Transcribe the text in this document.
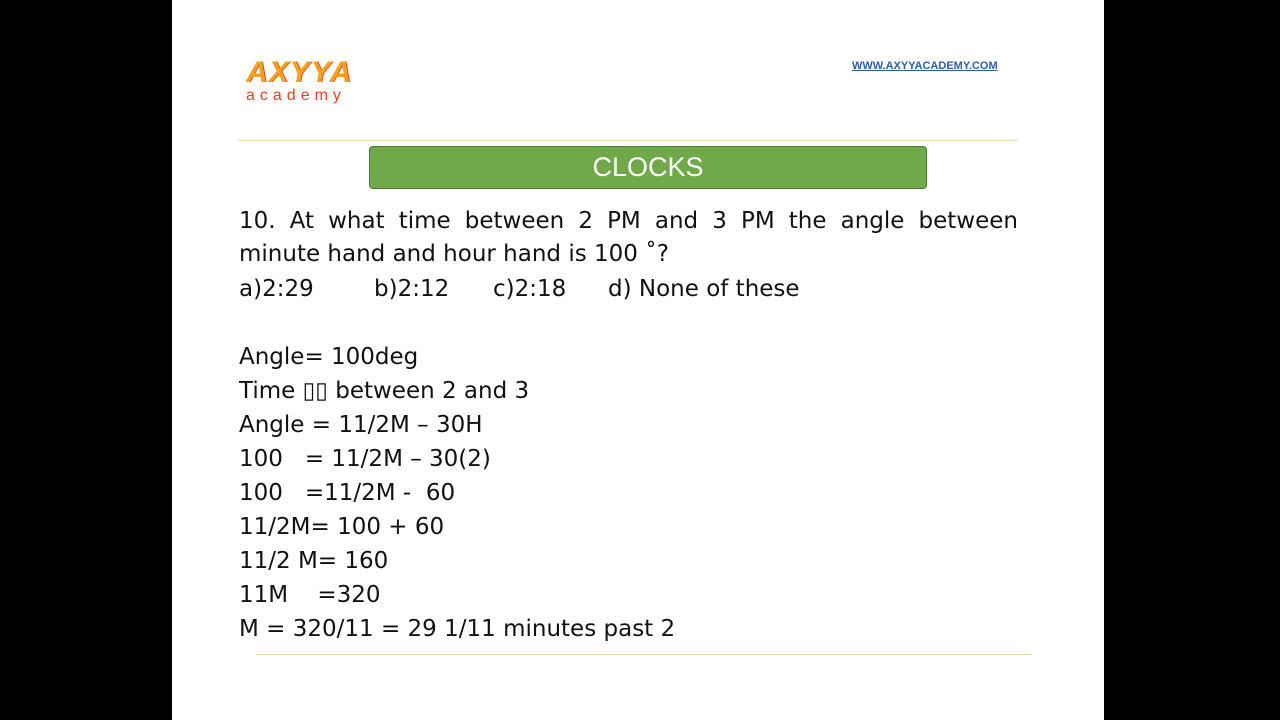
AXYYA
academy
WWW.AXYYACADEMY.COM
CLOCKS
10. At what time between 2 PM and 3 PM the angle between minute hand and hour hand is 100 ˚?
a)2:29	b)2:12 c)2:18 d) None of these
Angle= 100deg
Time ▯▯ between 2 and 3
Angle = 11/2M – 30H
100   = 11/2M – 30(2)
100   =11/2M -  60
11/2M= 100 + 60
11/2 M= 160
11M    =320
M = 320/11 = 29 1/11 minutes past 2
